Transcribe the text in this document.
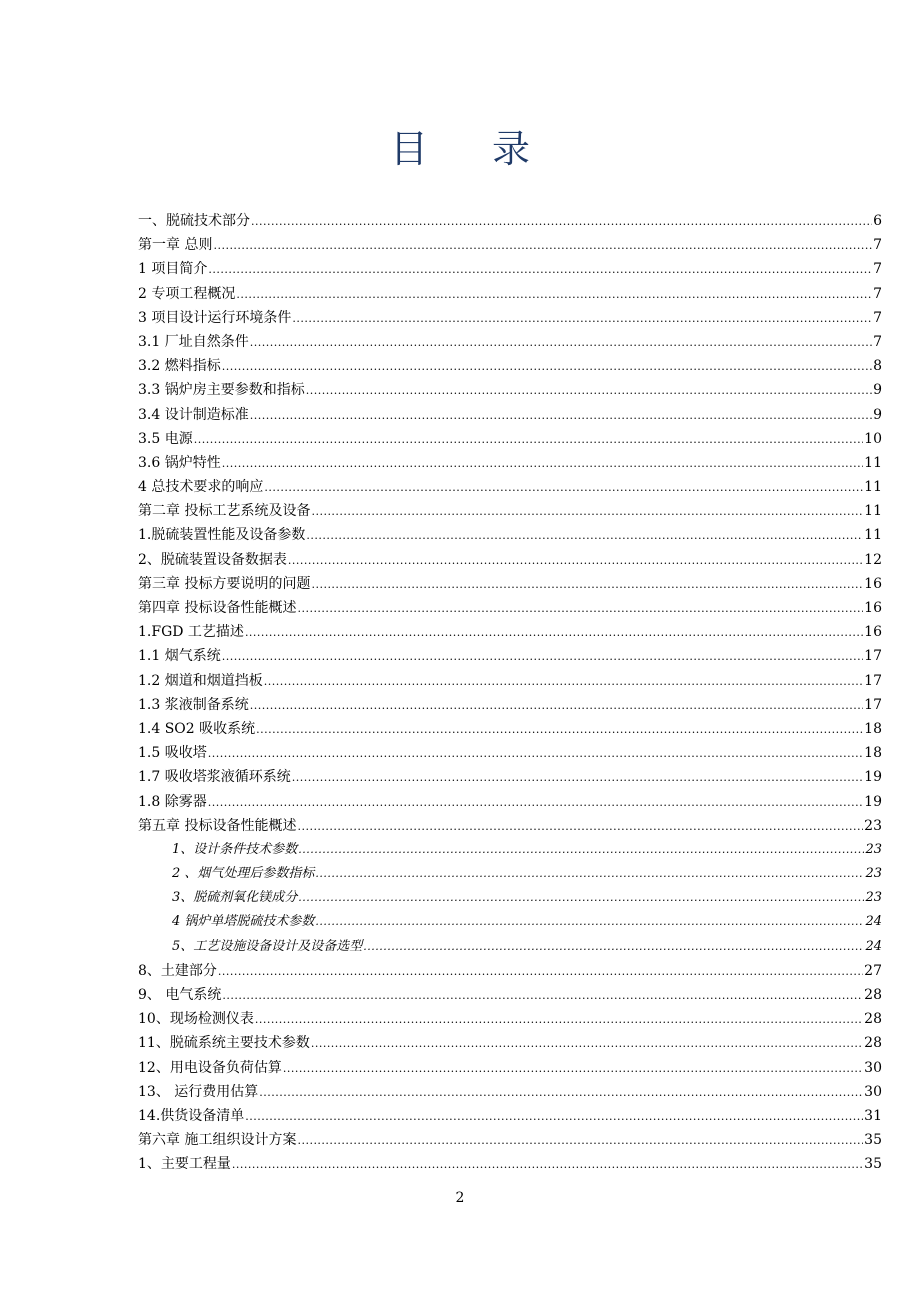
目 录
一、脱硫技术部分 .....	6
第一章 总则 .....	7
1 项目简介 .....	7
2 专项工程概况 .....	7
3 项目设计运行环境条件 .....	7
3.1 厂址自然条件 .....	7
3.2 燃料指标 .....	8
3.3 锅炉房主要参数和指标 .....	9
3.4 设计制造标准 .....	9
3.5 电源 .....	10
3.6 锅炉特性 .....	11
4 总技术要求的响应 .....	11
第二章 投标工艺系统及设备 .....	11
1.脱硫装置性能及设备参数 .....	11
2、脱硫装置设备数据表 .....	12
第三章 投标方要说明的问题 .....	16
第四章 投标设备性能概述 .....	16
1.FGD 工艺描述 .....	16
1.1 烟气系统 .....	17
1.2 烟道和烟道挡板 .....	17
1.3 浆液制备系统 .....	17
1.4 SO2 吸收系统 .....	18
1.5 吸收塔 .....	18
1.7 吸收塔浆液循环系统 .....	19
1.8 除雾器 .....	19
第五章 投标设备性能概述 .....	23
1、设计条件技术参数 .....	23
2 、烟气处理后参数指标 .....	23
3、脱硫剂氧化镁成分 .....	23
4 锅炉单塔脱硫技术参数 .....	24
5、工艺设施设备设计及设备选型 .....	24
8、土建部分 .....	27
9、 电气系统 .....	28
10、现场检测仪表 .....	28
11、脱硫系统主要技术参数 .....	28
12、用电设备负荷估算 .....	30
13、 运行费用估算 .....	30
14.供货设备清单 .....	31
第六章 施工组织设计方案 .....	35
1、主要工程量 .....	35
2
